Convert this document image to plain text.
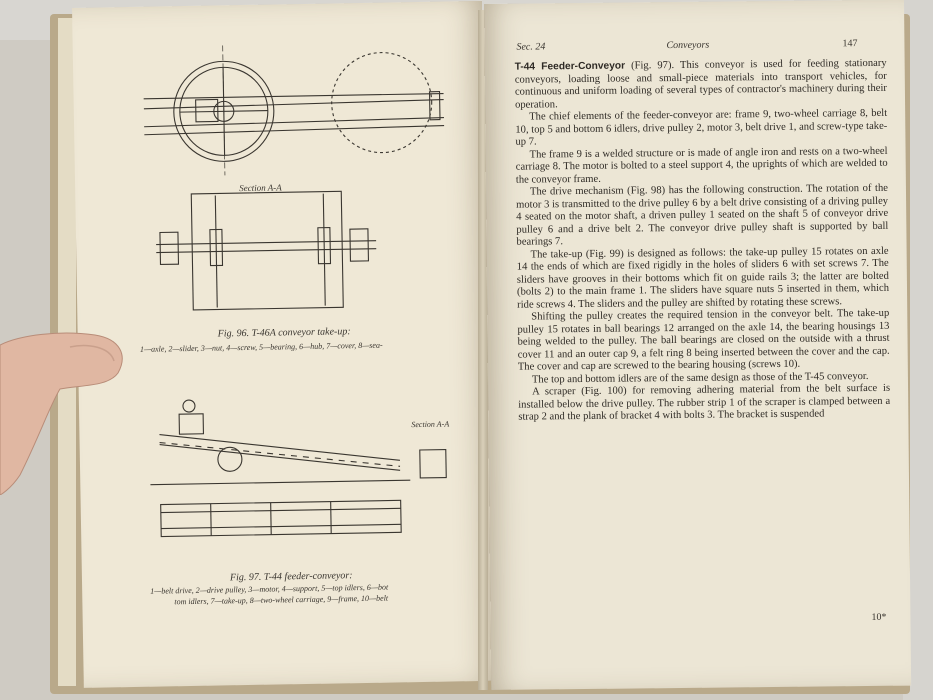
Section A-A
Fig. 96. T-46A conveyor take-up:
1—axle, 2—slider, 3—nut, 4—screw, 5—bearing, 6—hub, 7—cover, 8—sea-
Section A-A
Fig. 97. T-44 feeder-conveyor:
1—belt drive, 2—drive pulley, 3—motor, 4—support, 5—top idlers, 6—bot
tom idlers, 7—take-up, 8—two-wheel carriage, 9—frame, 10—belt
Sec. 24	Conveyors	147

T-44 Feeder-Conveyor (Fig. 97). This conveyor is used for feeding stationary conveyors, loading loose and small-piece materials into transport vehicles, for continuous and uniform loading of several types of contractor's machinery during their operation.

The chief elements of the feeder-conveyor are: frame 9, two-wheel carriage 8, belt 10, top 5 and bottom 6 idlers, drive pulley 2, motor 3, belt drive 1, and screw-type take-up 7.

The frame 9 is a welded structure or is made of angle iron and rests on a two-wheel carriage 8. The motor is bolted to a steel support 4, the uprights of which are welded to the conveyor frame.

The drive mechanism (Fig. 98) has the following construction. The rotation of the motor 3 is transmitted to the drive pulley 6 by a belt drive consisting of a driving pulley 4 seated on the motor shaft, a driven pulley 1 seated on the shaft 5 of conveyor drive pulley 6 and a drive belt 2. The conveyor drive pulley shaft is supported by ball bearings 7.

The take-up (Fig. 99) is designed as follows: the take-up pulley 15 rotates on axle 14 the ends of which are fixed rigidly in the holes of sliders 6 with set screws 7. The sliders have grooves in their bottoms which fit on guide rails 3; the latter are bolted (bolts 2) to the main frame 1. The sliders have square nuts 5 inserted in them, which ride screws 4. The sliders and the pulley are shifted by rotating these screws.

Shifting the pulley creates the required tension in the conveyor belt. The take-up pulley 15 rotates in ball bearings 12 arranged on the axle 14, the bearing housings 13 being welded to the pulley. The ball bearings are closed on the outside with a thrust cover 11 and an outer cap 9, a felt ring 8 being inserted between the cover and the cap. The cover and cap are screwed to the bearing housing (screws 10).

The top and bottom idlers are of the same design as those of the T-45 conveyor.

A scraper (Fig. 100) for removing adhering material from the belt surface is installed below the drive pulley. The rubber strip 1 of the scraper is clamped between a strap 2 and the plank of bracket 4 with bolts 3. The bracket is suspended

10*
